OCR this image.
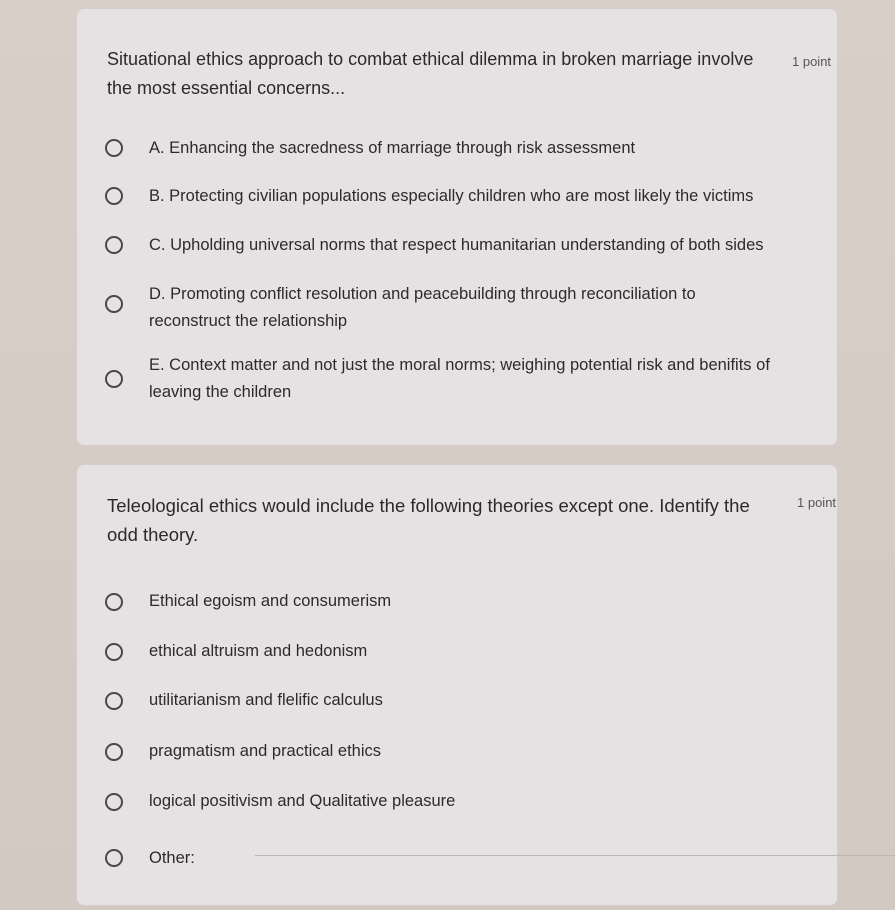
Situational ethics approach to combat ethical dilemma in broken marriage involve the most essential concerns...
1 point
A. Enhancing the sacredness of marriage through risk assessment
B. Protecting civilian populations especially children who are most likely the victims
C. Upholding universal norms that respect humanitarian understanding of both sides
D. Promoting conflict resolution and peacebuilding through reconciliation to reconstruct the relationship
E. Context matter and not just the moral norms; weighing potential risk and benifits of leaving the children
Teleological ethics would include the following theories except one. Identify the odd theory.
1 point
Ethical egoism and consumerism
ethical altruism and hedonism
utilitarianism and flelific calculus
pragmatism and practical ethics
logical positivism and Qualitative pleasure
Other:
